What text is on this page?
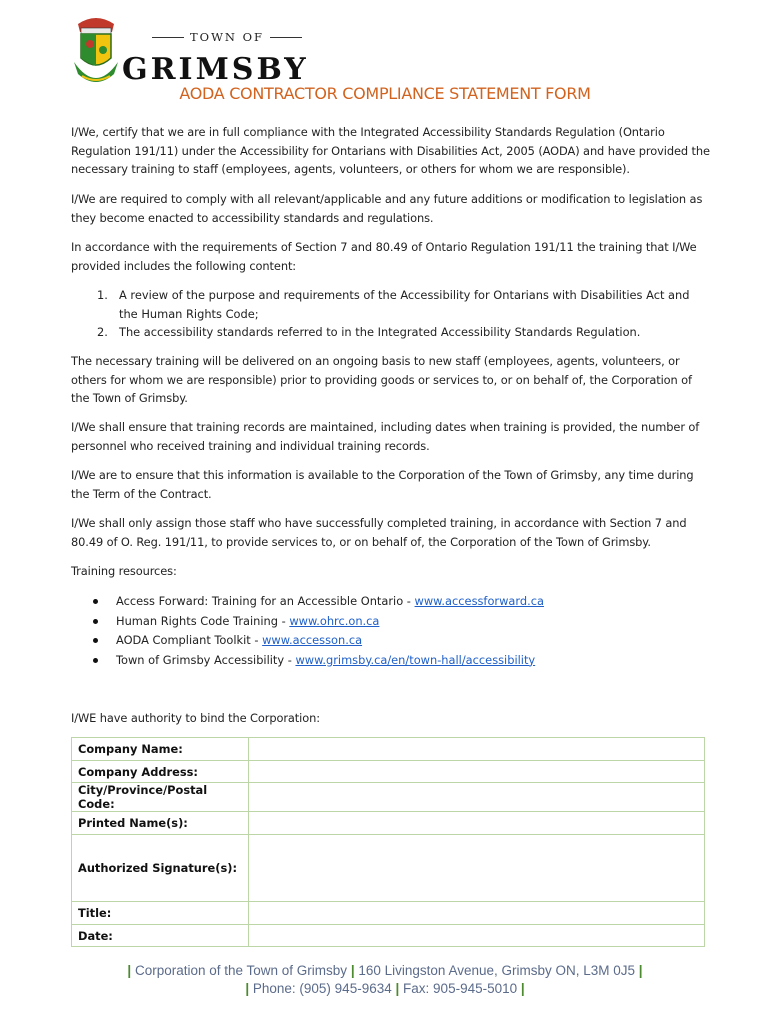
TOWN OF
GRIMSBY
AODA CONTRACTOR COMPLIANCE STATEMENT FORM

I/We, certify that we are in full compliance with the Integrated Accessibility Standards Regulation (Ontario Regulation 191/11) under the Accessibility for Ontarians with Disabilities Act, 2005 (AODA) and have provided the necessary training to staff (employees, agents, volunteers, or others for whom we are responsible).

I/We are required to comply with all relevant/applicable and any future additions or modification to legislation as they become enacted to accessibility standards and regulations.

In accordance with the requirements of Section 7 and 80.49 of Ontario Regulation 191/11 the training that I/We provided includes the following content:

1. A review of the purpose and requirements of the Accessibility for Ontarians with Disabilities Act and the Human Rights Code;
2. The accessibility standards referred to in the Integrated Accessibility Standards Regulation.

The necessary training will be delivered on an ongoing basis to new staff (employees, agents, volunteers, or others for whom we are responsible) prior to providing goods or services to, or on behalf of, the Corporation of the Town of Grimsby.

I/We shall ensure that training records are maintained, including dates when training is provided, the number of personnel who received training and individual training records.

I/We are to ensure that this information is available to the Corporation of the Town of Grimsby, any time during the Term of the Contract.

I/We shall only assign those staff who have successfully completed training, in accordance with Section 7 and 80.49 of O. Reg. 191/11, to provide services to, or on behalf of, the Corporation of the Town of Grimsby.

Training resources:

Access Forward: Training for an Accessible Ontario - www.accessforward.ca
Human Rights Code Training - www.ohrc.on.ca
AODA Compliant Toolkit - www.accesson.ca
Town of Grimsby Accessibility - www.grimsby.ca/en/town-hall/accessibility

I/WE have authority to bind the Corporation:

Company Name:	
Company Address:	
City/Province/Postal Code:	
Printed Name(s):	
Authorized Signature(s):	
Title:	
Date:	
| Corporation of the Town of Grimsby | 160 Livingston Avenue, Grimsby ON, L3M 0J5 |
| Phone: (905) 945-9634 | Fax: 905-945-5010 |
